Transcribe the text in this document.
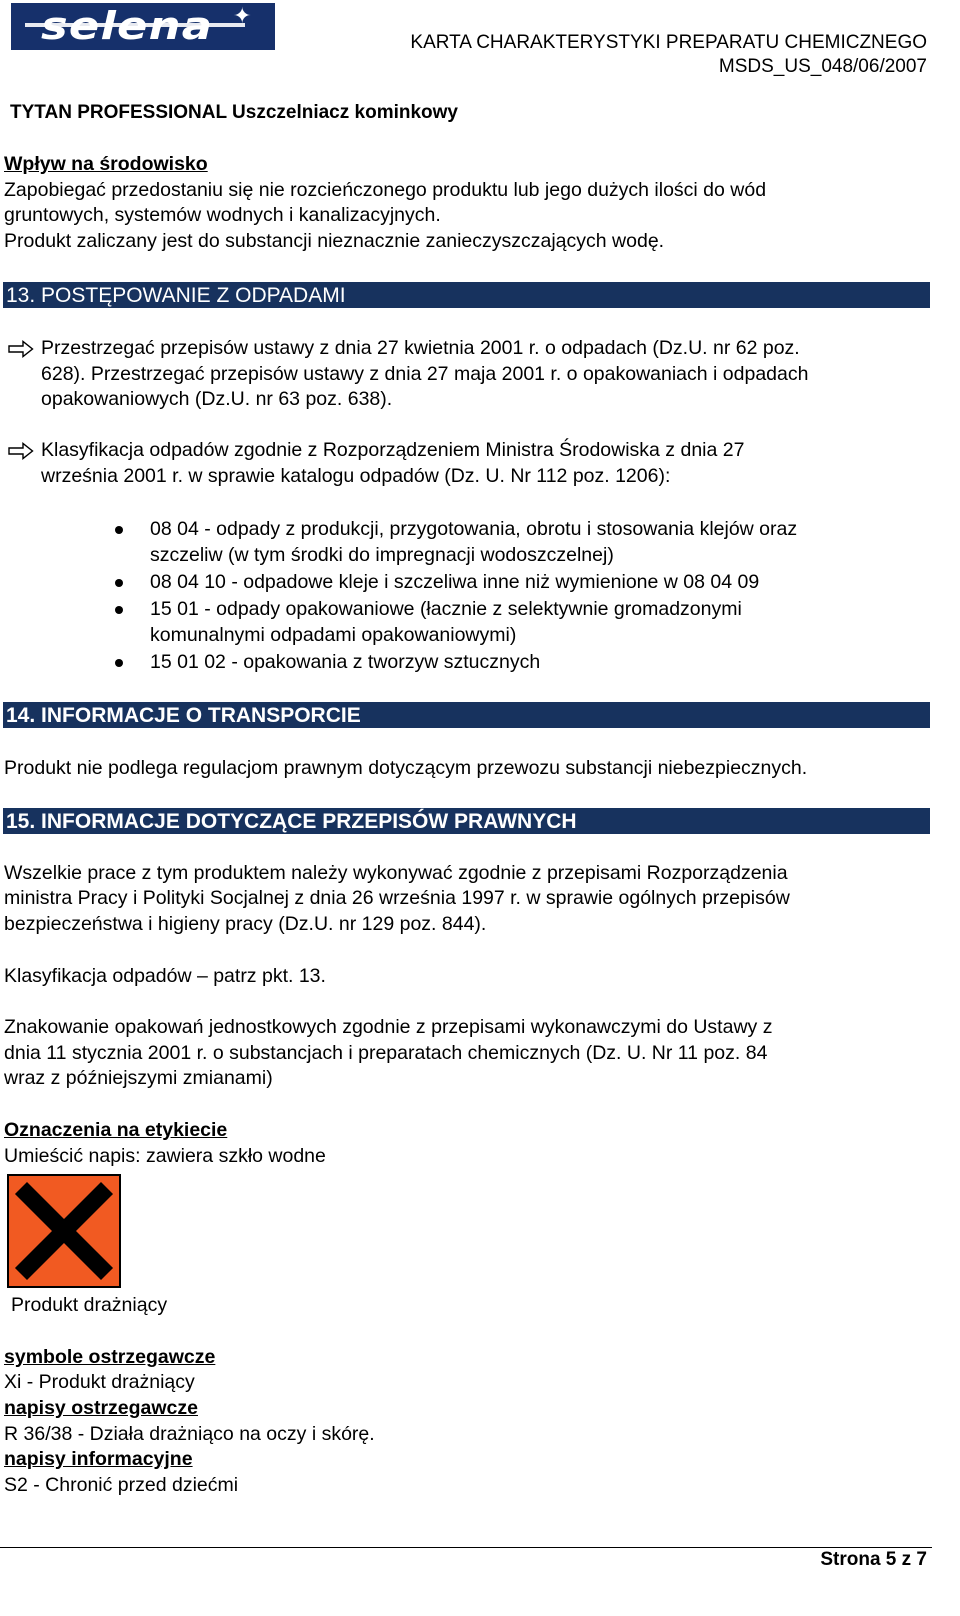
selena ✦
KARTA CHARAKTERYSTYKI PREPARATU CHEMICZNEGO
MSDS_US_048/06/2007
TYTAN PROFESSIONAL Uszczelniacz kominkowy
Wpływ na środowisko
Zapobiegać przedostaniu się nie rozcieńczonego produktu lub jego dużych ilości do wód
gruntowych, systemów wodnych i kanalizacyjnych.
Produkt zaliczany jest do substancji nieznacznie zanieczyszczających wodę.
13. POSTĘPOWANIE Z ODPADAMI
Przestrzegać przepisów ustawy z dnia 27 kwietnia 2001 r. o odpadach (Dz.U. nr 62 poz.
628). Przestrzegać przepisów ustawy z dnia 27 maja 2001 r. o opakowaniach i odpadach
opakowaniowych (Dz.U. nr 63 poz. 638).
Klasyfikacja odpadów zgodnie z Rozporządzeniem Ministra Środowiska z dnia 27
września 2001 r. w sprawie katalogu odpadów (Dz. U. Nr 112 poz. 1206):
08 04 - odpady z produkcji, przygotowania, obrotu i stosowania klejów oraz
szczeliw (w tym środki do impregnacji wodoszczelnej)
08 04 10 - odpadowe kleje i szczeliwa inne niż wymienione w 08 04 09
15 01 - odpady opakowaniowe (łacznie z selektywnie gromadzonymi
komunalnymi odpadami opakowaniowymi)
15 01 02 - opakowania z tworzyw sztucznych
14. INFORMACJE O TRANSPORCIE
Produkt nie podlega regulacjom prawnym dotyczącym przewozu substancji niebezpiecznych.
15. INFORMACJE DOTYCZĄCE PRZEPISÓW PRAWNYCH
Wszelkie prace z tym produktem należy wykonywać zgodnie z przepisami Rozporządzenia
ministra Pracy i Polityki Socjalnej z dnia 26 września 1997 r. w sprawie ogólnych przepisów
bezpieczeństwa i higieny pracy (Dz.U. nr 129 poz. 844).
Klasyfikacja odpadów – patrz pkt. 13.
Znakowanie opakowań jednostkowych zgodnie z przepisami wykonawczymi do Ustawy z
dnia 11 stycznia 2001 r. o substancjach i preparatach chemicznych (Dz. U. Nr 11 poz. 84
wraz z późniejszymi zmianami)
Oznaczenia na etykiecie
Umieścić napis: zawiera szkło wodne
Produkt drażniący
symbole ostrzegawcze
Xi - Produkt drażniący
napisy ostrzegawcze
R 36/38 - Działa drażniąco na oczy i skórę.
napisy informacyjne
S2 - Chronić przed dziećmi
Strona 5 z 7
